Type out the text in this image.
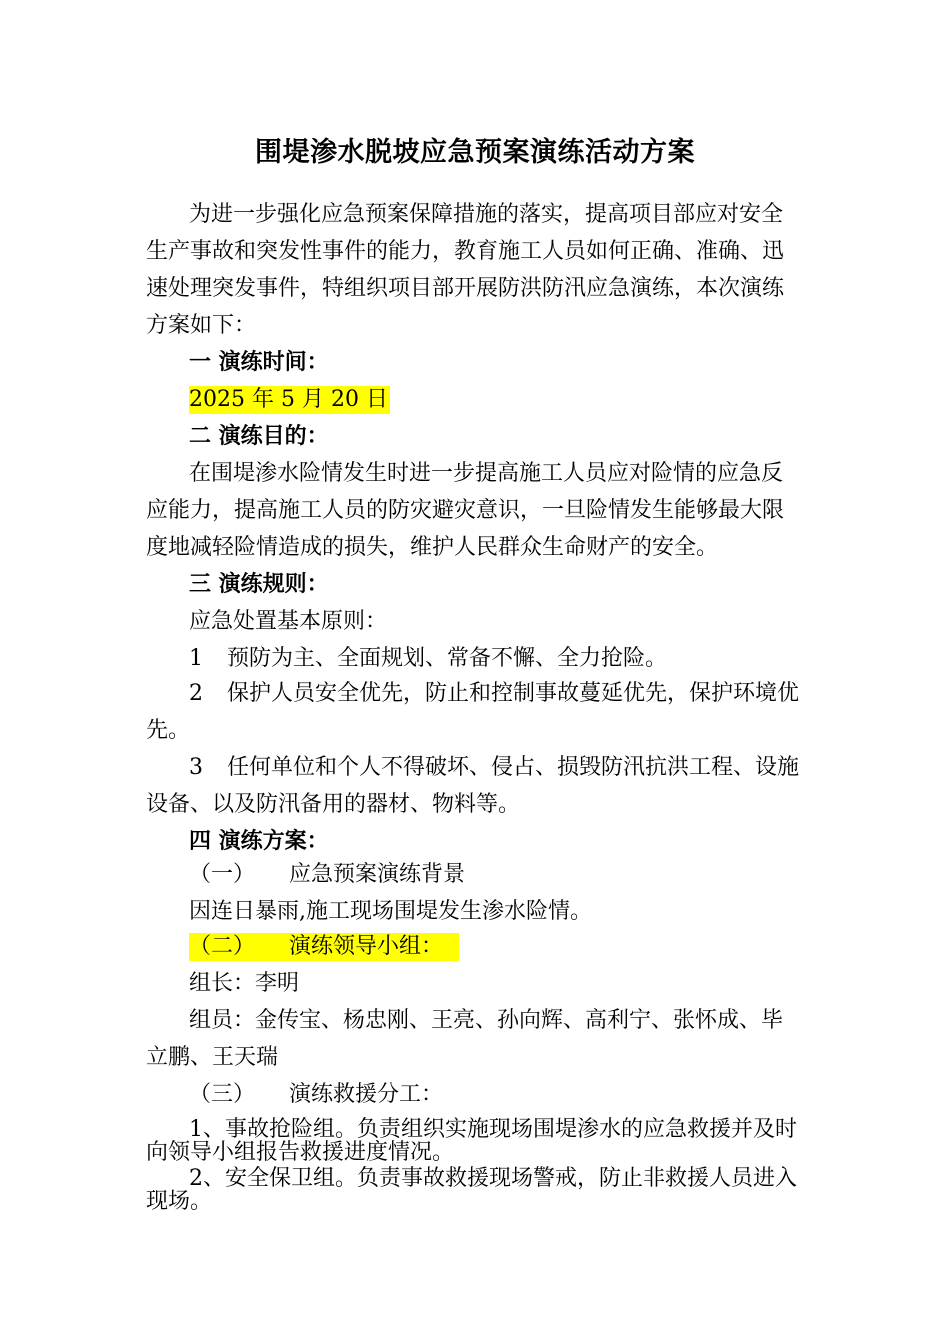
围堤渗水脱坡应急预案演练活动方案
为进一步强化应急预案保障措施的落实，提高项目部应对安全
生产事故和突发性事件的能力，教育施工人员如何正确、准确、迅
速处理突发事件，特组织项目部开展防洪防汛应急演练，本次演练
方案如下：
一 演练时间：
2025 年 5 月 20 日
二 演练目的：
在围堤渗水险情发生时进一步提高施工人员应对险情的应急反
应能力，提高施工人员的防灾避灾意识，一旦险情发生能够最大限
度地减轻险情造成的损失，维护人民群众生命财产的安全。
三 演练规则：
应急处置基本原则：
1 预防为主、全面规划、常备不懈、全力抢险。
2 保护人员安全优先，防止和控制事故蔓延优先，保护环境优
先。
3 任何单位和个人不得破坏、侵占、损毁防汛抗洪工程、设施
设备、以及防汛备用的器材、物料等。
四 演练方案：
（一） 应急预案演练背景
因连日暴雨,施工现场围堤发生渗水险情。
（二） 演练领导小组：
组长：李明
组员：金传宝、杨忠刚、王亮、孙向辉、高利宁、张怀成、毕
立鹏、王天瑞
（三） 演练救援分工：
1、事故抢险组。负责组织实施现场围堤渗水的应急救援并及时
向领导小组报告救援进度情况。
2、安全保卫组。负责事故救援现场警戒，防止非救援人员进入
现场。
